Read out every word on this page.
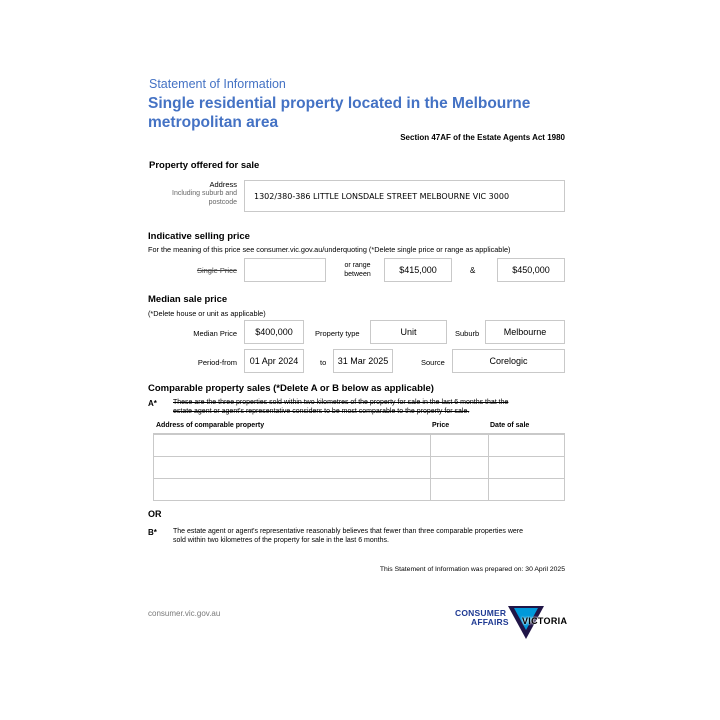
Statement of Information
Single residential property located in the Melbourne
metropolitan area
Section 47AF of the Estate Agents Act 1980
Property offered for sale
Address
Including suburb and
postcode
1302/380-386 LITTLE LONSDALE STREET MELBOURNE VIC 3000
Indicative selling price
For the meaning of this price see consumer.vic.gov.au/underquoting (*Delete single price or range as applicable)
Single Price
or range
between	$415,000	&	$450,000
Median sale price
(*Delete house or unit as applicable)
Median Price $400,000	Property type	Unit	Suburb	Melbourne
Period-from 01 Apr 2024	to 31 Mar 2025	Source	Corelogic
Comparable property sales (*Delete A or B below as applicable)
A* These are the three properties sold within two kilometres of the property for sale in the last 6 months that the
estate agent or agent's representative considers to be most comparable to the property for sale.
Address of comparable property	Price	Date of sale

OR
B* The estate agent or agent's representative reasonably believes that fewer than three comparable properties were
sold within two kilometres of the property for sale in the last 6 months.
This Statement of Information was prepared on: 30 April 2025
consumer.vic.gov.au	CONSUMER
AFFAIRS VICTORIA
